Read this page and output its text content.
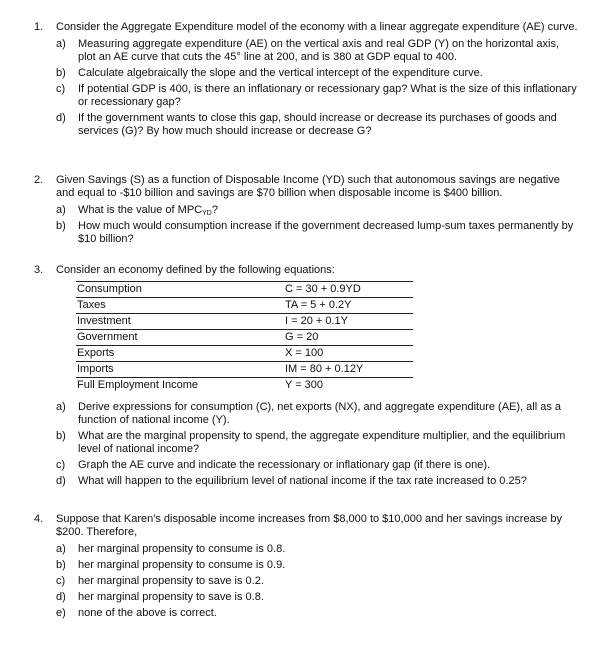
1.	Consider the Aggregate Expenditure model of the economy with a linear aggregate expenditure (AE) curve.
a)	Measuring aggregate expenditure (AE) on the vertical axis and real GDP (Y) on the horizontal axis, plot an AE curve that cuts the 45° line at 200, and is 380 at GDP equal to 400.
b)	Calculate algebraically the slope and the vertical intercept of the expenditure curve.
c)	If potential GDP is 400, is there an inflationary or recessionary gap? What is the size of this inflationary or recessionary gap?
d)	If the government wants to close this gap, should increase or decrease its purchases of goods and services (G)? By how much should increase or decrease G?
2.	Given Savings (S) as a function of Disposable Income (YD) such that autonomous savings are negative and equal to -$10 billion and savings are $70 billion when disposable income is $400 billion.
a)	What is the value of $MPC_{YD}$?
b)	How much would consumption increase if the government decreased lump-sum taxes permanently by $10 billion?
3.	Consider an economy defined by the following equations:
Consumption	C = 30 + 0.9YD
Taxes	TA = 5 + 0.2Y
Investment	I = 20 + 0.1Y
Government	G = 20
Exports	X = 100
Imports	IM = 80 + 0.12Y
Full Employment Income	Y = 300
a)	Derive expressions for consumption (C), net exports (NX), and aggregate expenditure (AE), all as a function of national income (Y).
b)	What are the marginal propensity to spend, the aggregate expenditure multiplier, and the equilibrium level of national income?
c)	Graph the AE curve and indicate the recessionary or inflationary gap (if there is one).
d)	What will happen to the equilibrium level of national income if the tax rate increased to 0.25?
4.	Suppose that Karen's disposable income increases from $8,000 to $10,000 and her savings increase by $200. Therefore,
a)	her marginal propensity to consume is 0.8.
b)	her marginal propensity to consume is 0.9.
c)	her marginal propensity to save is 0.2.
d)	her marginal propensity to save is 0.8.
e)	none of the above is correct.
